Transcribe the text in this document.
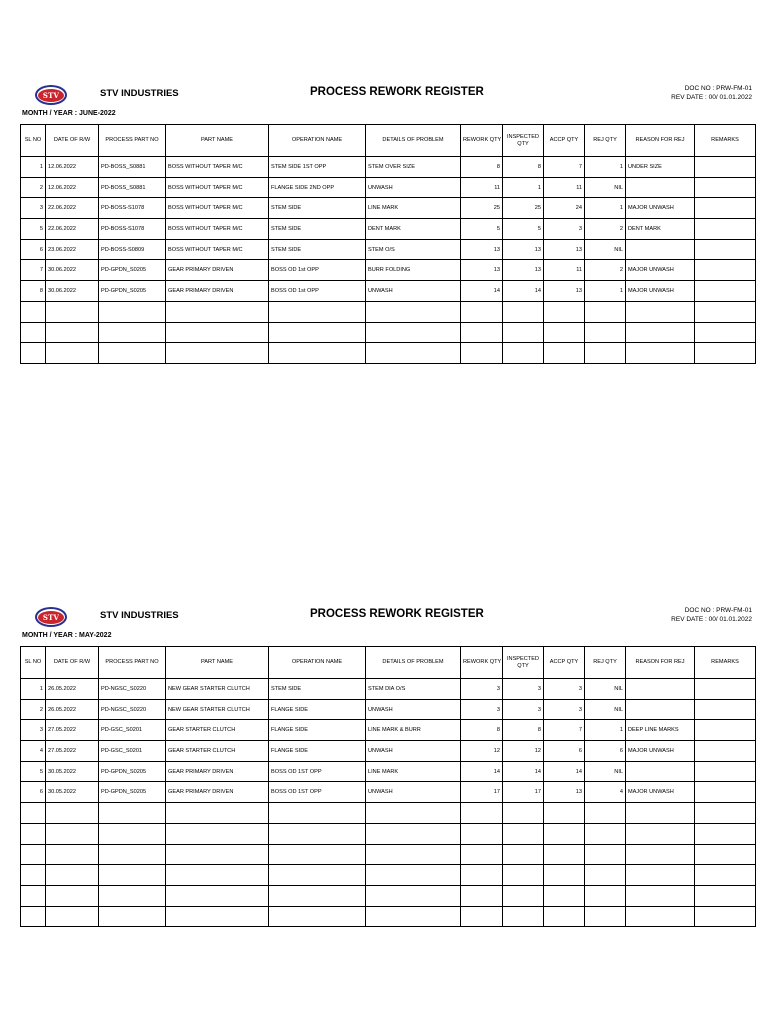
STV	STV INDUSTRIES	PROCESS REWORK REGISTER	DOC NO : PRW-FM-01
REV DATE : 00/ 01.01.2022
MONTH / YEAR : JUNE-2022
SL NO	DATE OF R/W	PROCESS PART NO	PART NAME	OPERATION NAME	DETAILS OF PROBLEM	REWORK QTY	INSPECTED QTY	ACCP QTY	REJ QTY	REASON FOR REJ	REMARKS
1	12.06.2022	PD-BOSS_S0881	BOSS WITHOUT TAPER M/C	STEM SIDE 1ST OPP	STEM OVER SIZE	8	8	7	1	UNDER SIZE	
2	12.06.2022	PD-BOSS_S0881	BOSS WITHOUT TAPER M/C	FLANGE SIDE 2ND OPP	UNWASH	11	1	11	NIL		
3	22.06.2022	PD-BOSS-S1078	BOSS WITHOUT TAPER M/C	STEM SIDE	LINE MARK	25	25	24	1	MAJOR UNWASH	
5	22.06.2022	PD-BOSS-S1078	BOSS WITHOUT TAPER M/C	STEM SIDE	DENT MARK	5	5	3	2	DENT MARK	
6	23.06.2022	PD-BOSS-S0809	BOSS WITHOUT TAPER M/C	STEM SIDE	STEM O/S	13	13	13	NIL		
7	30.06.2022	PD-GPDN_S0205	GEAR PRIMARY DRIVEN	BOSS OD 1st OPP	BURR FOLDING	13	13	11	2	MAJOR UNWASH	
8	30.06.2022	PD-GPDN_S0205	GEAR PRIMARY DRIVEN	BOSS OD 1st OPP	UNWASH	14	14	13	1	MAJOR UNWASH	

STV	STV INDUSTRIES	PROCESS REWORK REGISTER	DOC NO : PRW-FM-01
REV DATE : 00/ 01.01.2022
MONTH / YEAR : MAY-2022
SL NO	DATE OF R/W	PROCESS PART NO	PART NAME	OPERATION NAME	DETAILS OF PROBLEM	REWORK QTY	INSPECTED QTY	ACCP QTY	REJ QTY	REASON FOR REJ	REMARKS
1	26.05.2022	PD-NGSC_S0220	NEW GEAR STARTER CLUTCH	STEM SIDE	STEM DIA O/S	3	3	3	NIL		
2	26.05.2022	PD-NGSC_S0220	NEW GEAR STARTER CLUTCH	FLANGE SIDE	UNWASH	3	3	3	NIL		
3	27.05.2022	PD-GSC_S0201	GEAR STARTER CLUTCH	FLANGE SIDE	LINE MARK & BURR	8	8	7	1	DEEP LINE MARKS	
4	27.05.2022	PD-GSC_S0201	GEAR STARTER CLUTCH	FLANGE SIDE	UNWASH	12	12	6	6	MAJOR UNWASH	
5	30.05.2022	PD-GPDN_S0205	GEAR PRIMARY DRIVEN	BOSS OD 1ST OPP	LINE MARK	14	14	14	NIL		
6	30.05.2022	PD-GPDN_S0205	GEAR PRIMARY DRIVEN	BOSS OD 1ST OPP	UNWASH	17	17	13	4	MAJOR UNWASH	
